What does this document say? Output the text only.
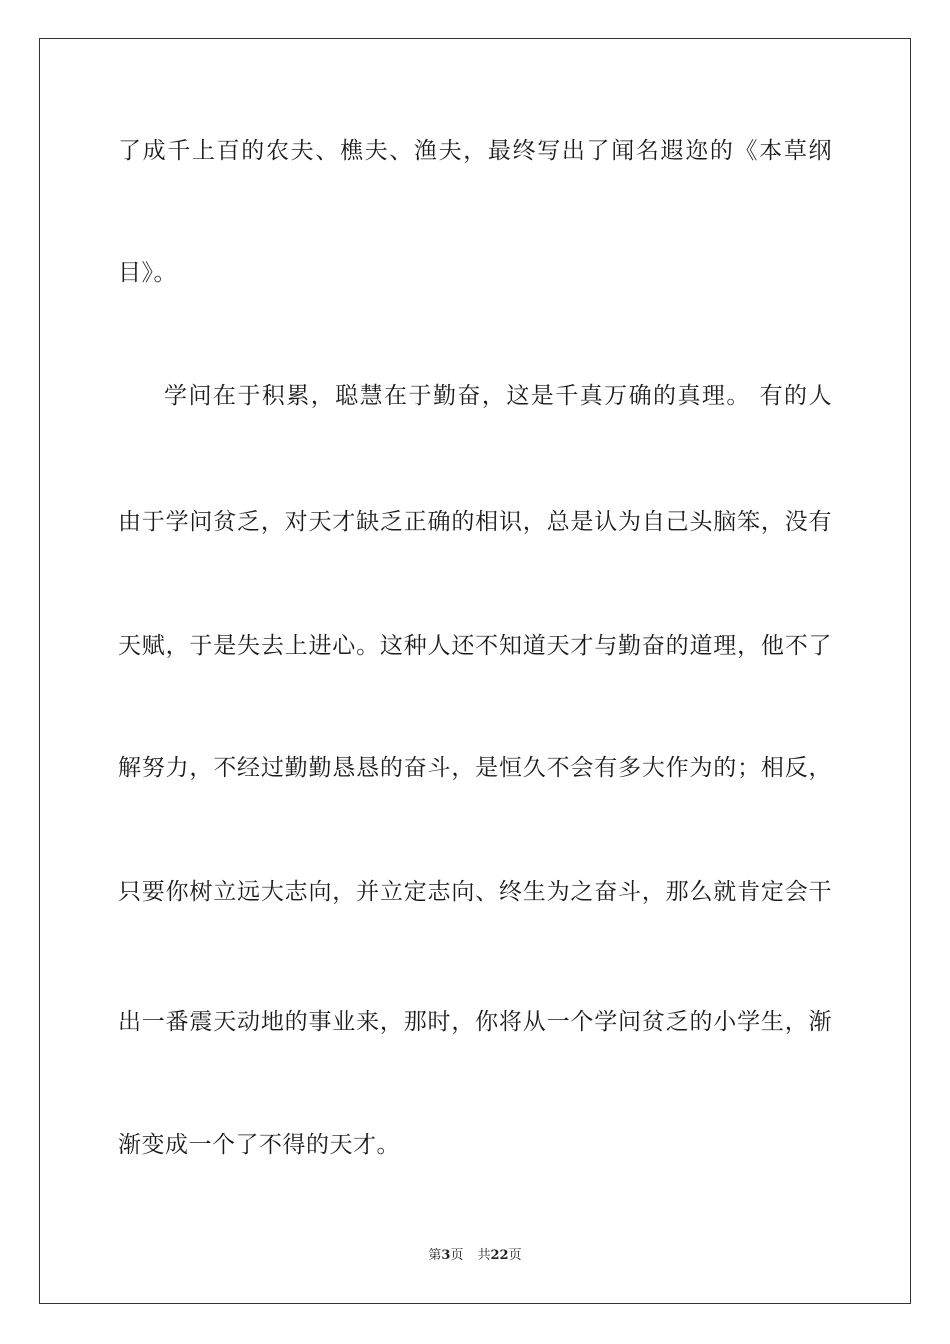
了成千上百的农夫、樵夫、渔夫，最终写出了闻名遐迩的《本草纲
目》。
学问在于积累，聪慧在于勤奋，这是千真万确的真理。 有的人
由于学问贫乏，对天才缺乏正确的相识，总是认为自己头脑笨，没有
天赋，于是失去上进心。这种人还不知道天才与勤奋的道理，他不了
解努力，不经过勤勤恳恳的奋斗，是恒久不会有多大作为的；相反，
只要你树立远大志向，并立定志向、终生为之奋斗，那么就肯定会干
出一番震天动地的事业来，那时，你将从一个学问贫乏的小学生，渐
渐变成一个了不得的天才。
第3页 共22页
